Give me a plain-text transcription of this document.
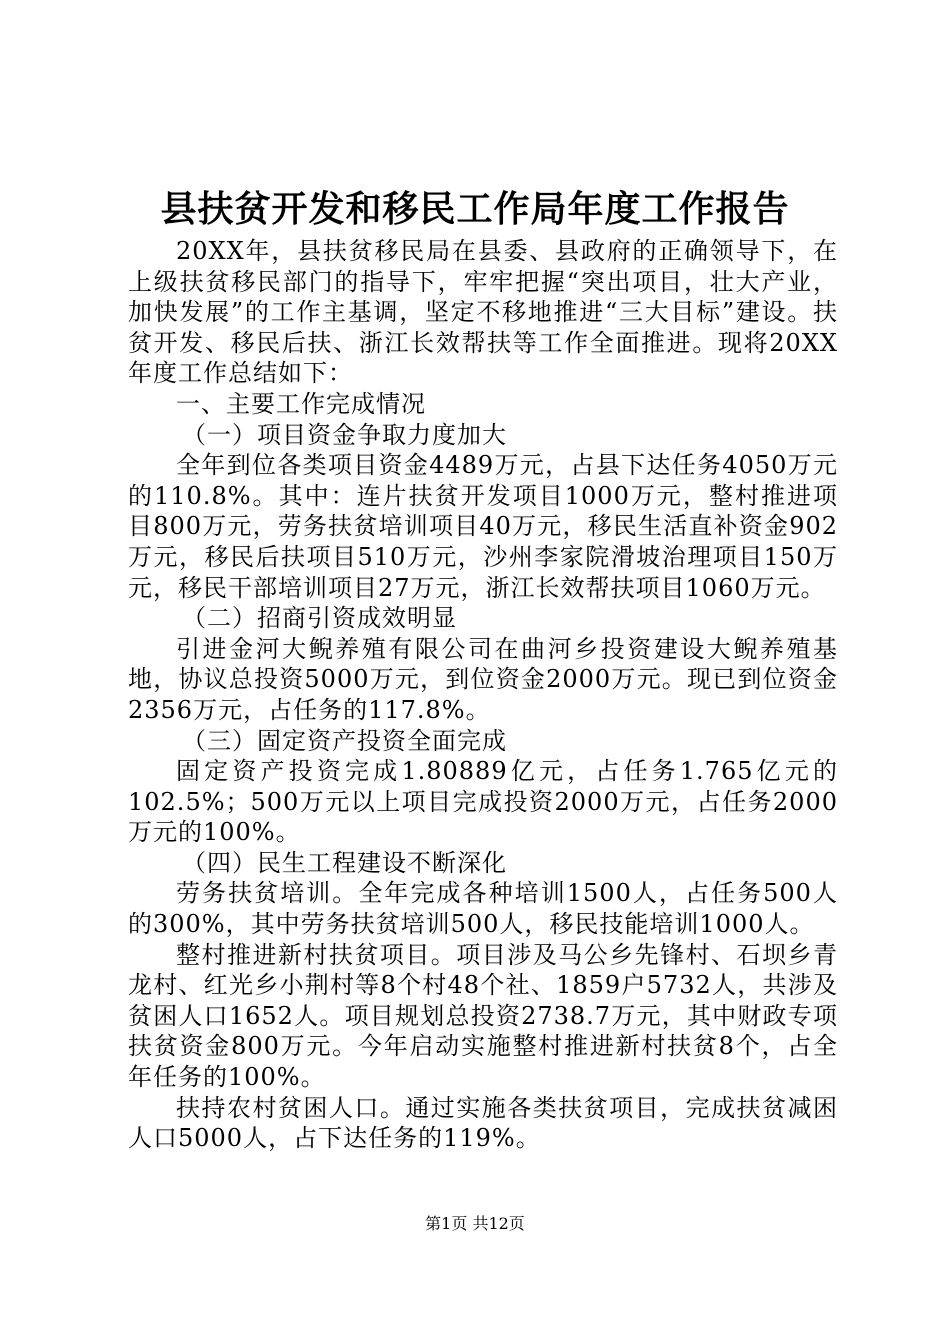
县扶贫开发和移民工作局年度工作报告

20XX年，县扶贫移民局在县委、县政府的正确领导下，在上级扶贫移民部门的指导下，牢牢把握“突出项目，壮大产业，加快发展”的工作主基调，坚定不移地推进“三大目标”建设。扶贫开发、移民后扶、浙江长效帮扶等工作全面推进。现将20XX年度工作总结如下：

一、主要工作完成情况

（一）项目资金争取力度加大

全年到位各类项目资金4489万元，占县下达任务4050万元的110.8%。其中：连片扶贫开发项目1000万元，整村推进项目800万元，劳务扶贫培训项目40万元，移民生活直补资金902万元，移民后扶项目510万元，沙州李家院滑坡治理项目150万元，移民干部培训项目27万元，浙江长效帮扶项目1060万元。

（二）招商引资成效明显

引进金河大鲵养殖有限公司在曲河乡投资建设大鲵养殖基地，协议总投资5000万元，到位资金2000万元。现已到位资金2356万元，占任务的117.8%。

（三）固定资产投资全面完成

固定资产投资完成1.80889亿元，占任务1.765亿元的102.5%；500万元以上项目完成投资2000万元，占任务2000万元的100%。

（四）民生工程建设不断深化

劳务扶贫培训。全年完成各种培训1500人，占任务500人的300%，其中劳务扶贫培训500人，移民技能培训1000人。

整村推进新村扶贫项目。项目涉及马公乡先锋村、石坝乡青龙村、红光乡小荆村等8个村48个社、1859户5732人，共涉及贫困人口1652人。项目规划总投资2738.7万元，其中财政专项扶贫资金800万元。今年启动实施整村推进新村扶贫8个，占全年任务的100%。

扶持农村贫困人口。通过实施各类扶贫项目，完成扶贫减困人口5000人，占下达任务的119%。

第1页 共12页
